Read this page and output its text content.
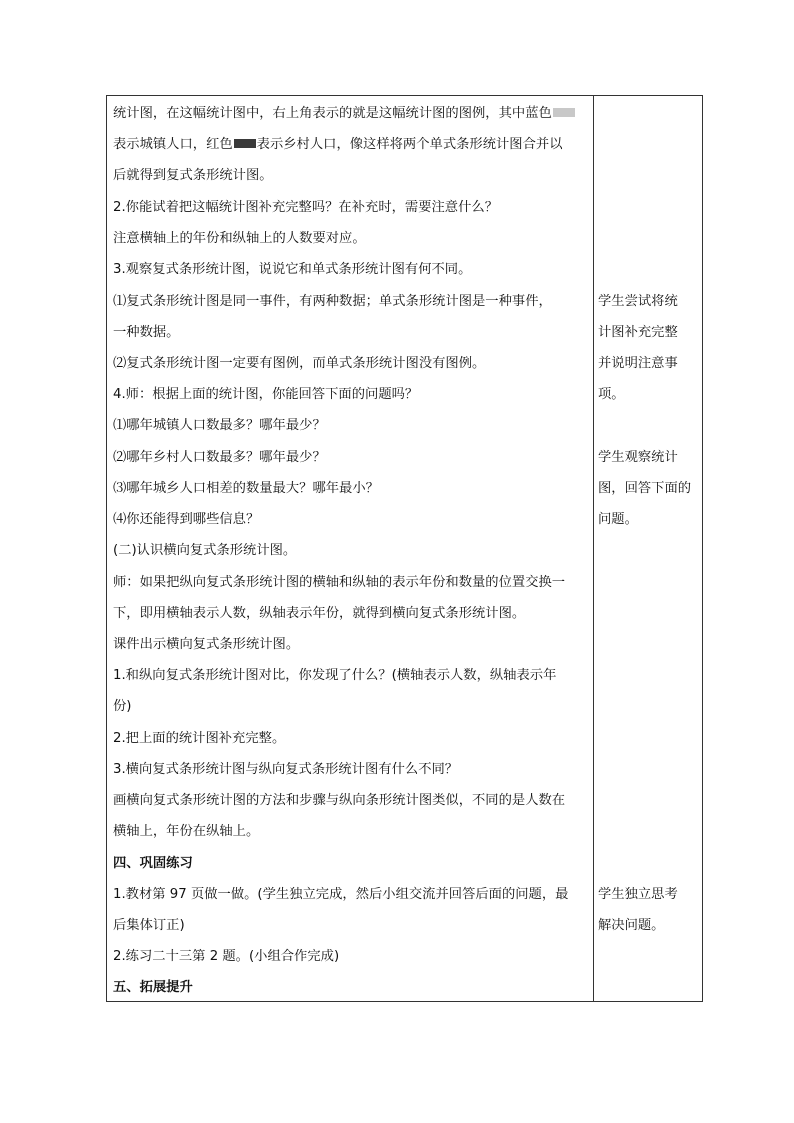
统计图，在这幅统计图中，右上角表示的就是这幅统计图的图例，其中蓝色
表示城镇人口，红色 表示乡村人口，像这样将两个单式条形统计图合并以
后就得到复式条形统计图。
2.你能试着把这幅统计图补充完整吗？在补充时，需要注意什么？
注意横轴上的年份和纵轴上的人数要对应。
3.观察复式条形统计图，说说它和单式条形统计图有何不同。
⑴复式条形统计图是同一事件，有两种数据；单式条形统计图是一种事件，
一种数据。
⑵复式条形统计图一定要有图例，而单式条形统计图没有图例。
4.师：根据上面的统计图，你能回答下面的问题吗？
⑴哪年城镇人口数最多？哪年最少？
⑵哪年乡村人口数最多？哪年最少？
⑶哪年城乡人口相差的数量最大？哪年最小？
⑷你还能得到哪些信息？
(二)认识横向复式条形统计图。
师：如果把纵向复式条形统计图的横轴和纵轴的表示年份和数量的位置交换一
下，即用横轴表示人数，纵轴表示年份，就得到横向复式条形统计图。
课件出示横向复式条形统计图。
1.和纵向复式条形统计图对比，你发现了什么？(横轴表示人数，纵轴表示年
份)
2.把上面的统计图补充完整。
3.横向复式条形统计图与纵向复式条形统计图有什么不同？
画横向复式条形统计图的方法和步骤与纵向条形统计图类似，不同的是人数在
横轴上，年份在纵轴上。
四、巩固练习
1.教材第 97 页做一做。(学生独立完成，然后小组交流并回答后面的问题，最
后集体订正)
2.练习二十三第 2 题。(小组合作完成)
五、拓展提升
学生尝试将统
计图补充完整
并说明注意事
项。
学生观察统计
图，回答下面的
问题。
学生独立思考
解决问题。
